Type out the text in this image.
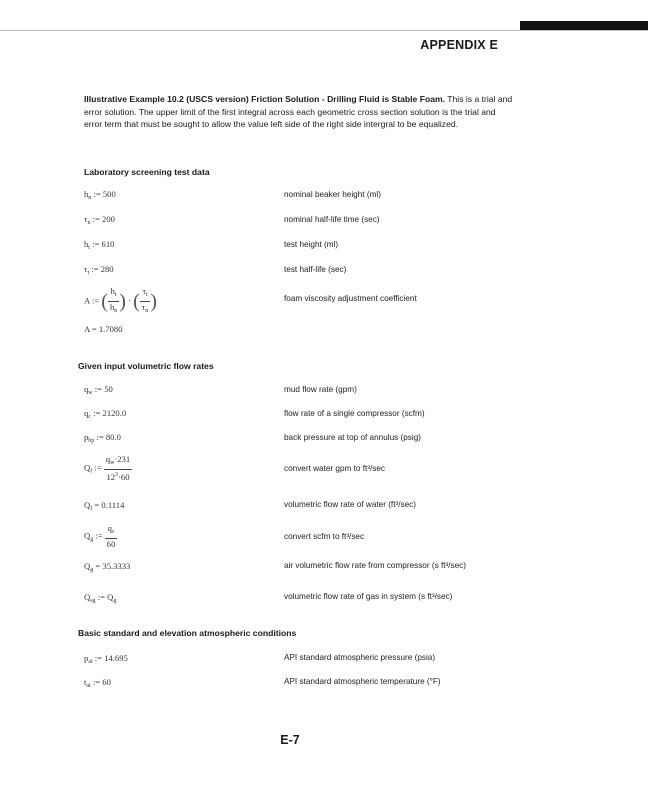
APPENDIX E
Illustrative Example 10.2 (USCS version) Friction Solution - Drilling Fluid is Stable Foam. This is a trial and error solution. The upper limit of the first integral across each geometric cross section solution is the trial and error term that must be sought to allow the value left side of the right side intergral to be equalized.
Laboratory screening test data
$h_n$ := 500	nominal beaker height (ml)
$\tau_n$ := 200	nominal half-life time (sec)
$h_t$ := 610	test height (ml)
$\tau_t$ := 280	test half-life (sec)
A := ( $\frac{h_t}{h_n}$ ) · ( $\frac{\tau_t}{\tau_n}$ )	foam viscosity adjustment coefficient
A = 1.7080
Given input volumetric flow rates
$q_w$ := 50	mud flow rate (gpm)
$q_c$ := 2120.0	flow rate of a single compressor (scfm)
$p_{bp}$ := 80.0	back pressure at top of annulus (psig)
$Q_f$ := $\frac{q_w\cdot 231}{12^3\cdot 60}$	convert water gpm to ft³/sec
$Q_f = 0.1114$	volumetric flow rate of water (ft³/sec)
$Q_g$ := $\frac{q_c}{60}$	convert scfm to ft³/sec
$Q_g = 35.3333$	air volumetric flow rate from compressor (s ft³/sec)
$Q_{sg}$ := $Q_g$	volumetric flow rate of gas in system (s ft³/sec)
Basic standard and elevation atmospheric conditions
$p_{at}$ := 14.695	API standard atmospheric pressure (psia)
$t_{at}$ := 60	API standard atmospheric temperature (°F)
E-7
